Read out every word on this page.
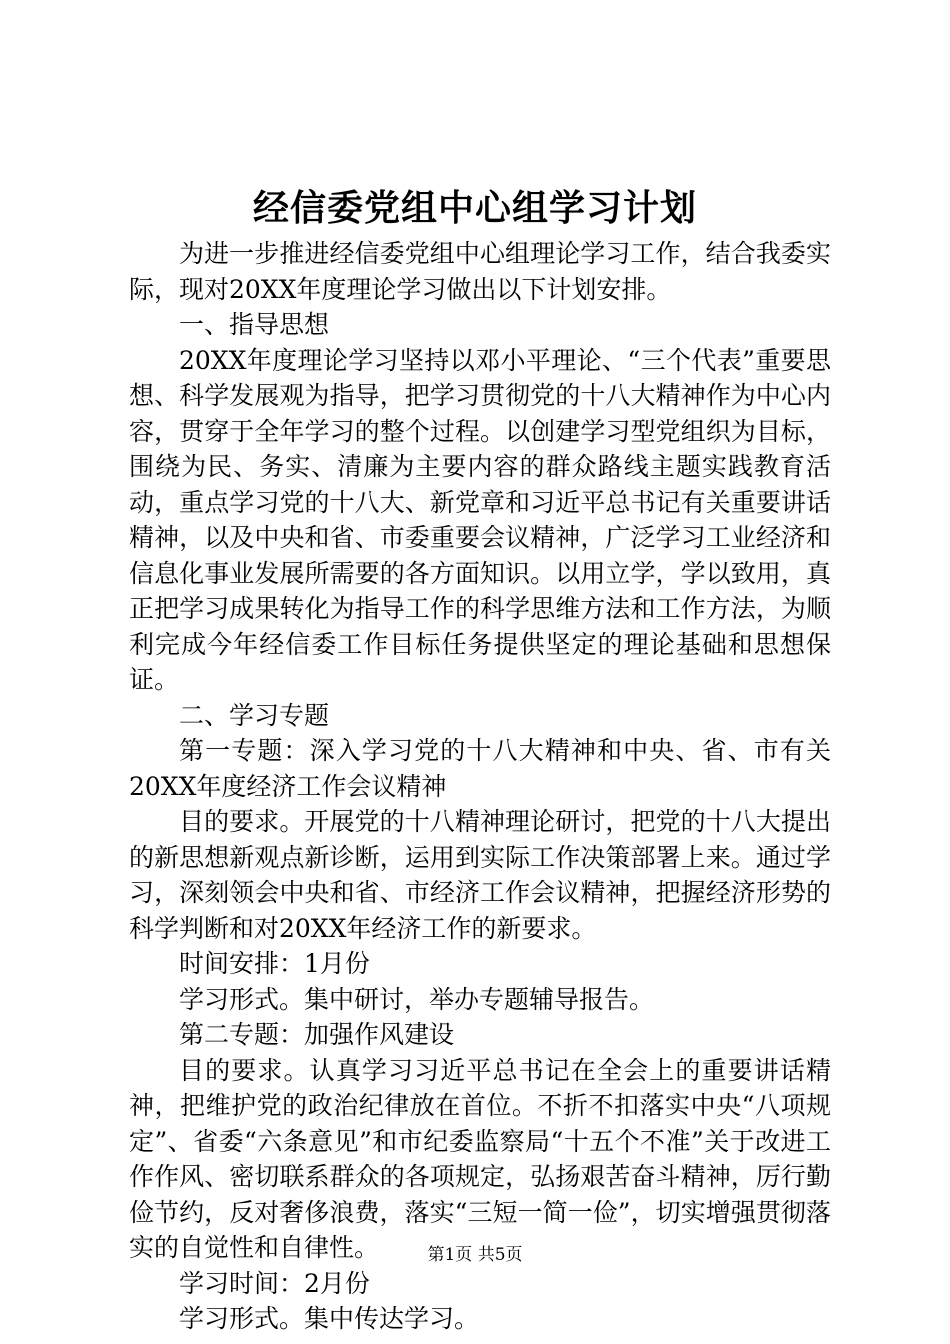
经信委党组中心组学习计划

为进一步推进经信委党组中心组理论学习工作，结合我委实际，现对20XX年度理论学习做出以下计划安排。

一、指导思想

20XX年度理论学习坚持以邓小平理论、“三个代表”重要思想、科学发展观为指导，把学习贯彻党的十八大精神作为中心内容，贯穿于全年学习的整个过程。以创建学习型党组织为目标，围绕为民、务实、清廉为主要内容的群众路线主题实践教育活动，重点学习党的十八大、新党章和习近平总书记有关重要讲话精神，以及中央和省、市委重要会议精神，广泛学习工业经济和信息化事业发展所需要的各方面知识。以用立学，学以致用，真正把学习成果转化为指导工作的科学思维方法和工作方法，为顺利完成今年经信委工作目标任务提供坚定的理论基础和思想保证。

二、学习专题

第一专题：深入学习党的十八大精神和中央、省、市有关20XX年度经济工作会议精神

目的要求。开展党的十八精神理论研讨，把党的十八大提出的新思想新观点新诊断，运用到实际工作决策部署上来。通过学习，深刻领会中央和省、市经济工作会议精神，把握经济形势的科学判断和对20XX年经济工作的新要求。

时间安排：1月份

学习形式。集中研讨，举办专题辅导报告。

第二专题：加强作风建设

目的要求。认真学习习近平总书记在全会上的重要讲话精神，把维护党的政治纪律放在首位。不折不扣落实中央“八项规定”、省委“六条意见”和市纪委监察局“十五个不准”关于改进工作作风、密切联系群众的各项规定，弘扬艰苦奋斗精神，厉行勤俭节约，反对奢侈浪费，落实“三短一简一俭”，切实增强贯彻落实的自觉性和自律性。

学习时间：2月份

学习形式。集中传达学习。

第1页 共5页
